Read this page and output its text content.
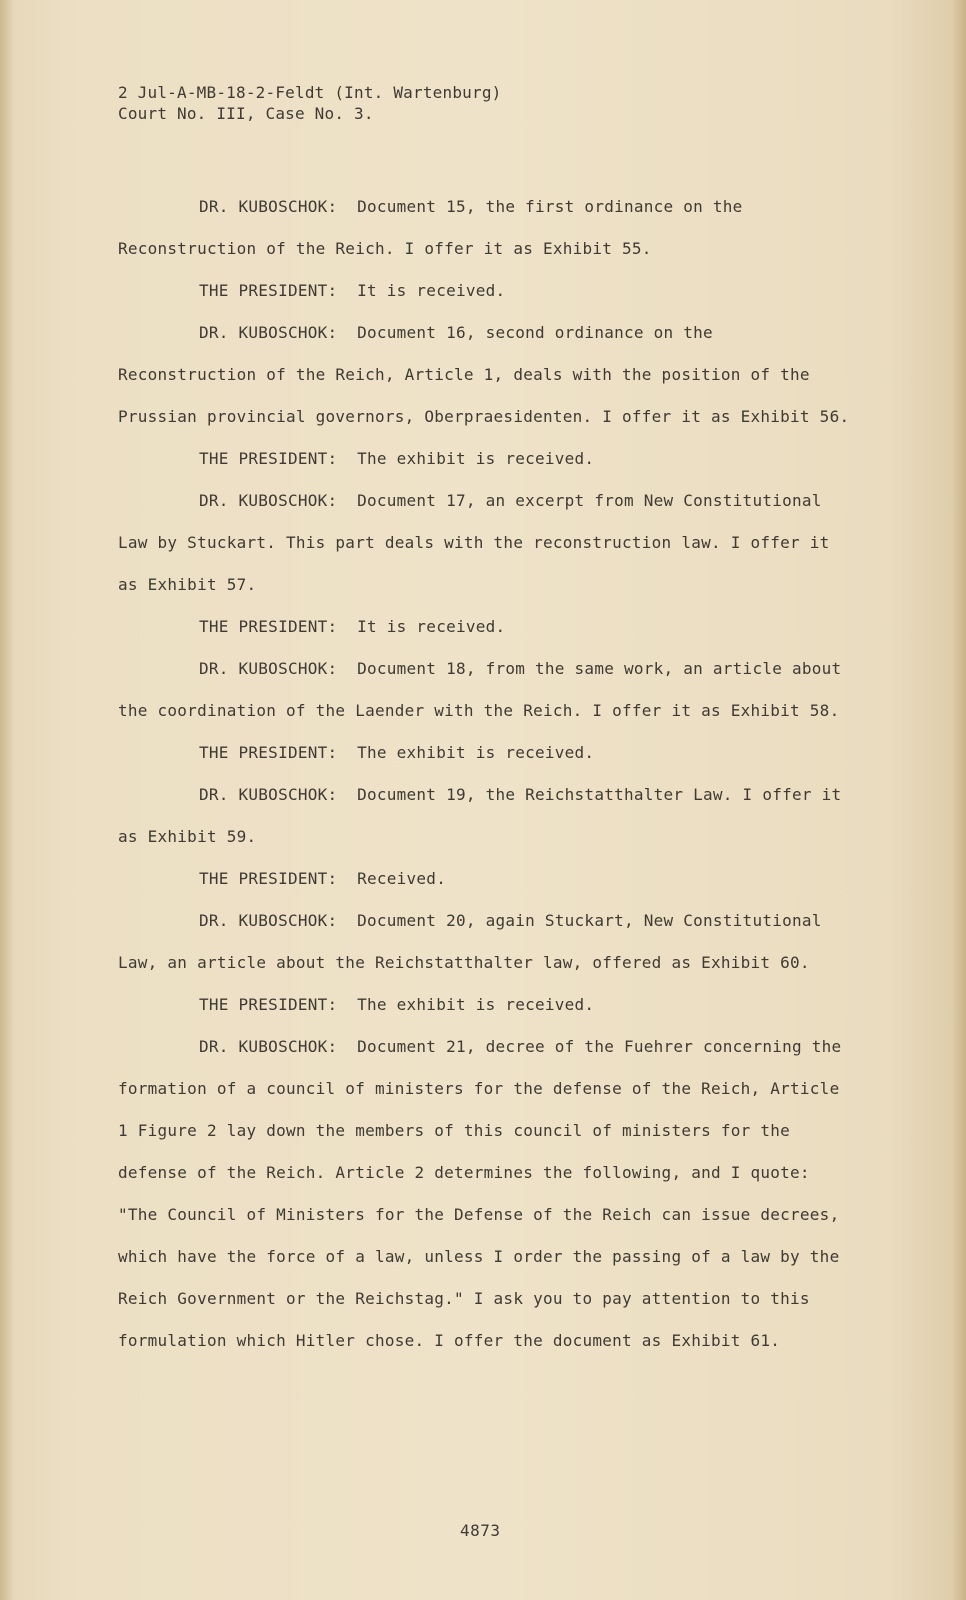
2 Jul-A-MB-18-2-Feldt (Int. Wartenburg)
Court No. III, Case No. 3.

DR. KUBOSCHOK: Document 15, the first ordinance on the Reconstruction of the Reich. I offer it as Exhibit 55.

THE PRESIDENT: It is received.

DR. KUBOSCHOK: Document 16, second ordinance on the Reconstruction of the Reich, Article 1, deals with the position of the Prussian provincial governors, Oberpraesidenten. I offer it as Exhibit 56.

THE PRESIDENT: The exhibit is received.

DR. KUBOSCHOK: Document 17, an excerpt from New Constitutional Law by Stuckart. This part deals with the reconstruction law. I offer it as Exhibit 57.

THE PRESIDENT: It is received.

DR. KUBOSCHOK: Document 18, from the same work, an article about the coordination of the Laender with the Reich. I offer it as Exhibit 58.

THE PRESIDENT: The exhibit is received.

DR. KUBOSCHOK: Document 19, the Reichstatthalter Law. I offer it as Exhibit 59.

THE PRESIDENT: Received.

DR. KUBOSCHOK: Document 20, again Stuckart, New Constitutional Law, an article about the Reichstatthalter law, offered as Exhibit 60.

THE PRESIDENT: The exhibit is received.

DR. KUBOSCHOK: Document 21, decree of the Fuehrer concerning the formation of a council of ministers for the defense of the Reich, Article 1 Figure 2 lay down the members of this council of ministers for the defense of the Reich. Article 2 determines the following, and I quote: "The Council of Ministers for the Defense of the Reich can issue decrees, which have the force of a law, unless I order the passing of a law by the Reich Government or the Reichstag." I ask you to pay attention to this formulation which Hitler chose. I offer the document as Exhibit 61.

4873
